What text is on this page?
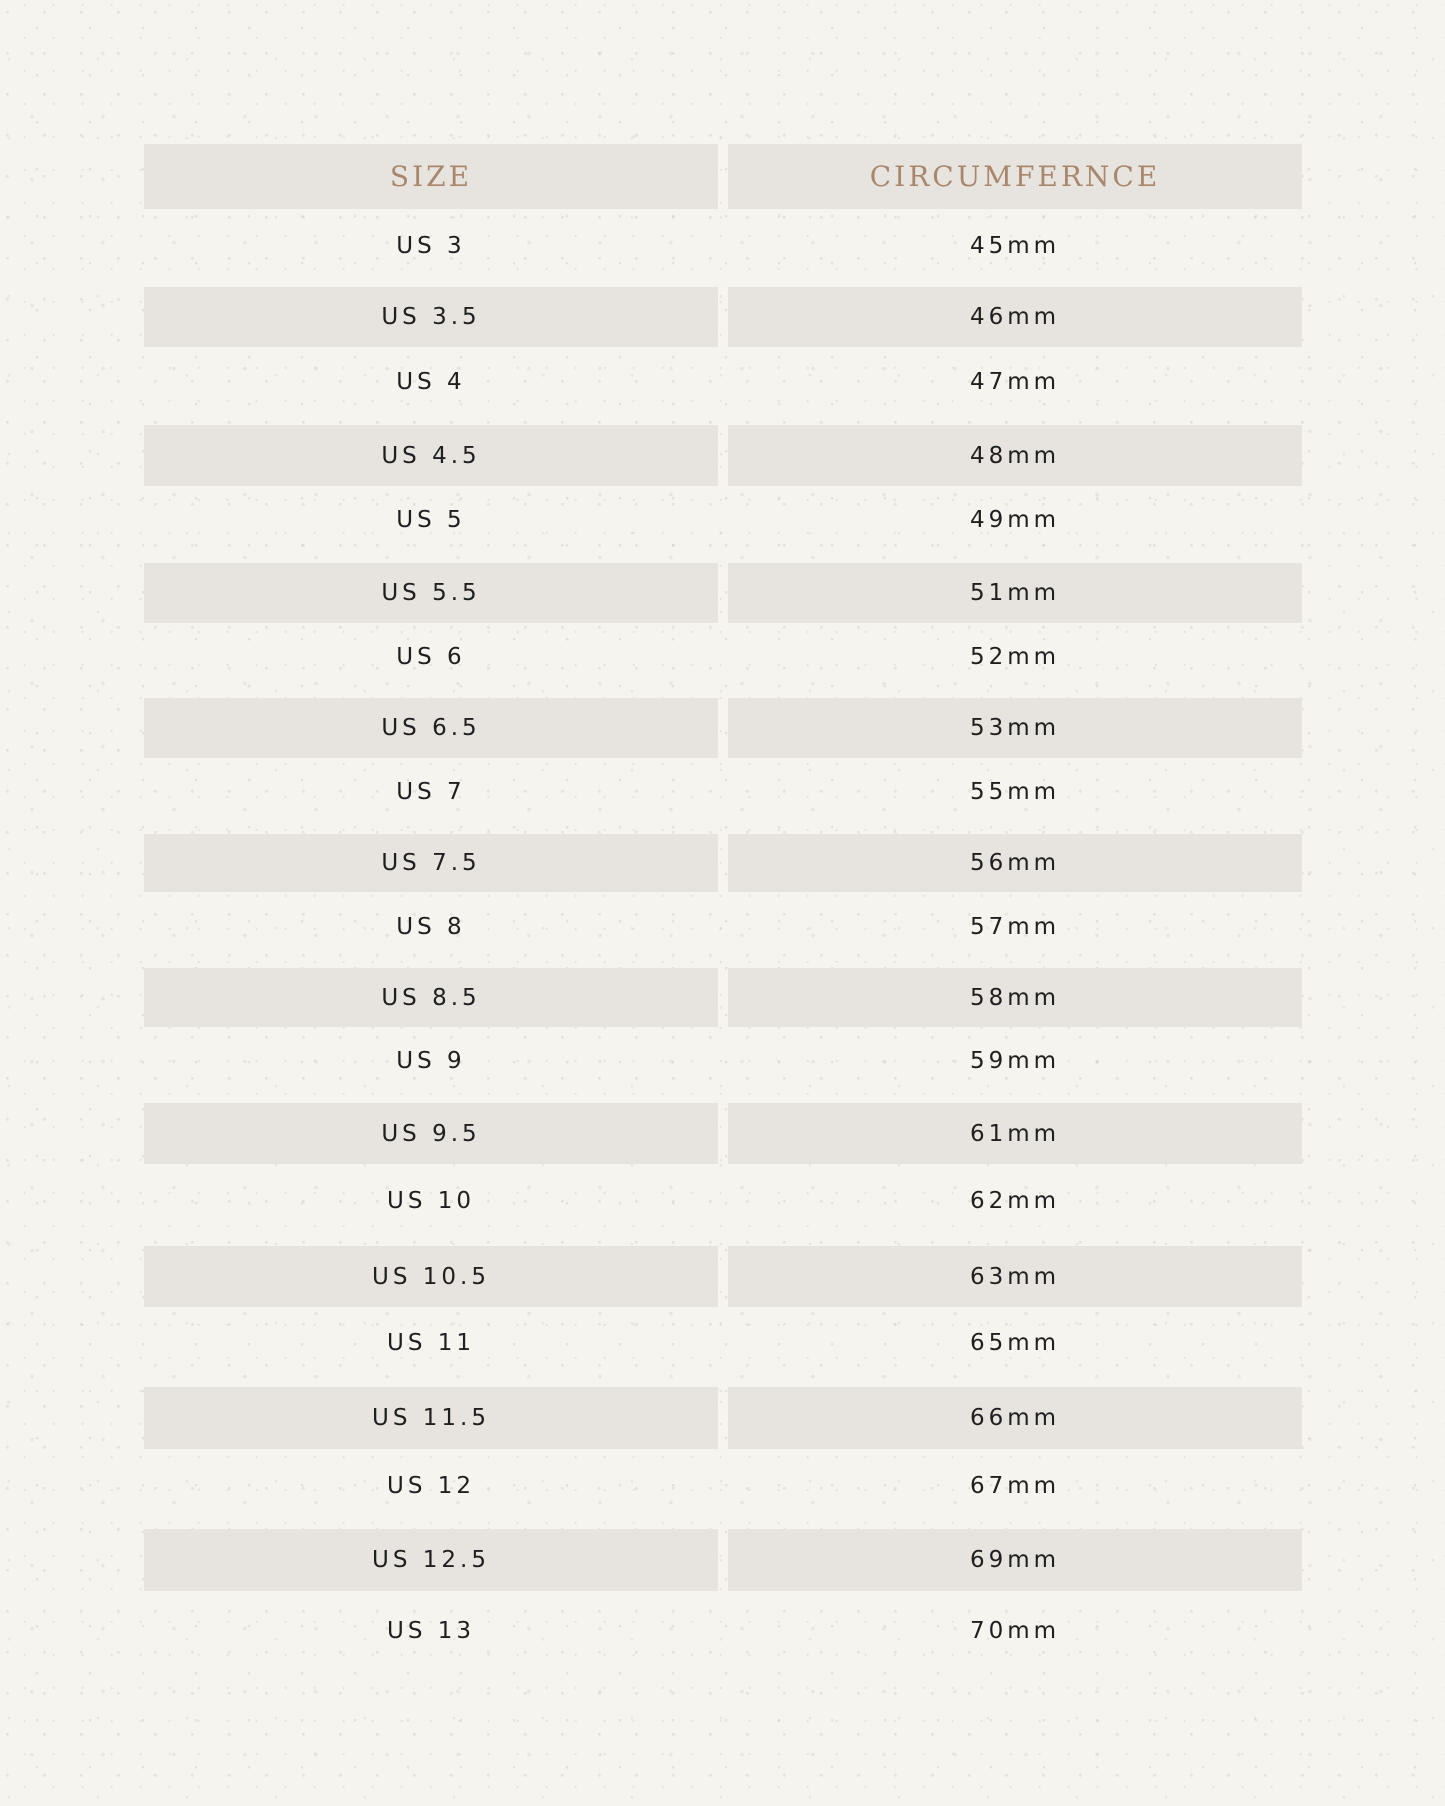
SIZE	CIRCUMFERNCE
US 3	45mm
US 3.5	46mm
US 4	47mm
US 4.5	48mm
US 5	49mm
US 5.5	51mm
US 6	52mm
US 6.5	53mm
US 7	55mm
US 7.5	56mm
US 8	57mm
US 8.5	58mm
US 9	59mm
US 9.5	61mm
US 10	62mm
US 10.5	63mm
US 11	65mm
US 11.5	66mm
US 12	67mm
US 12.5	69mm
US 13	70mm
